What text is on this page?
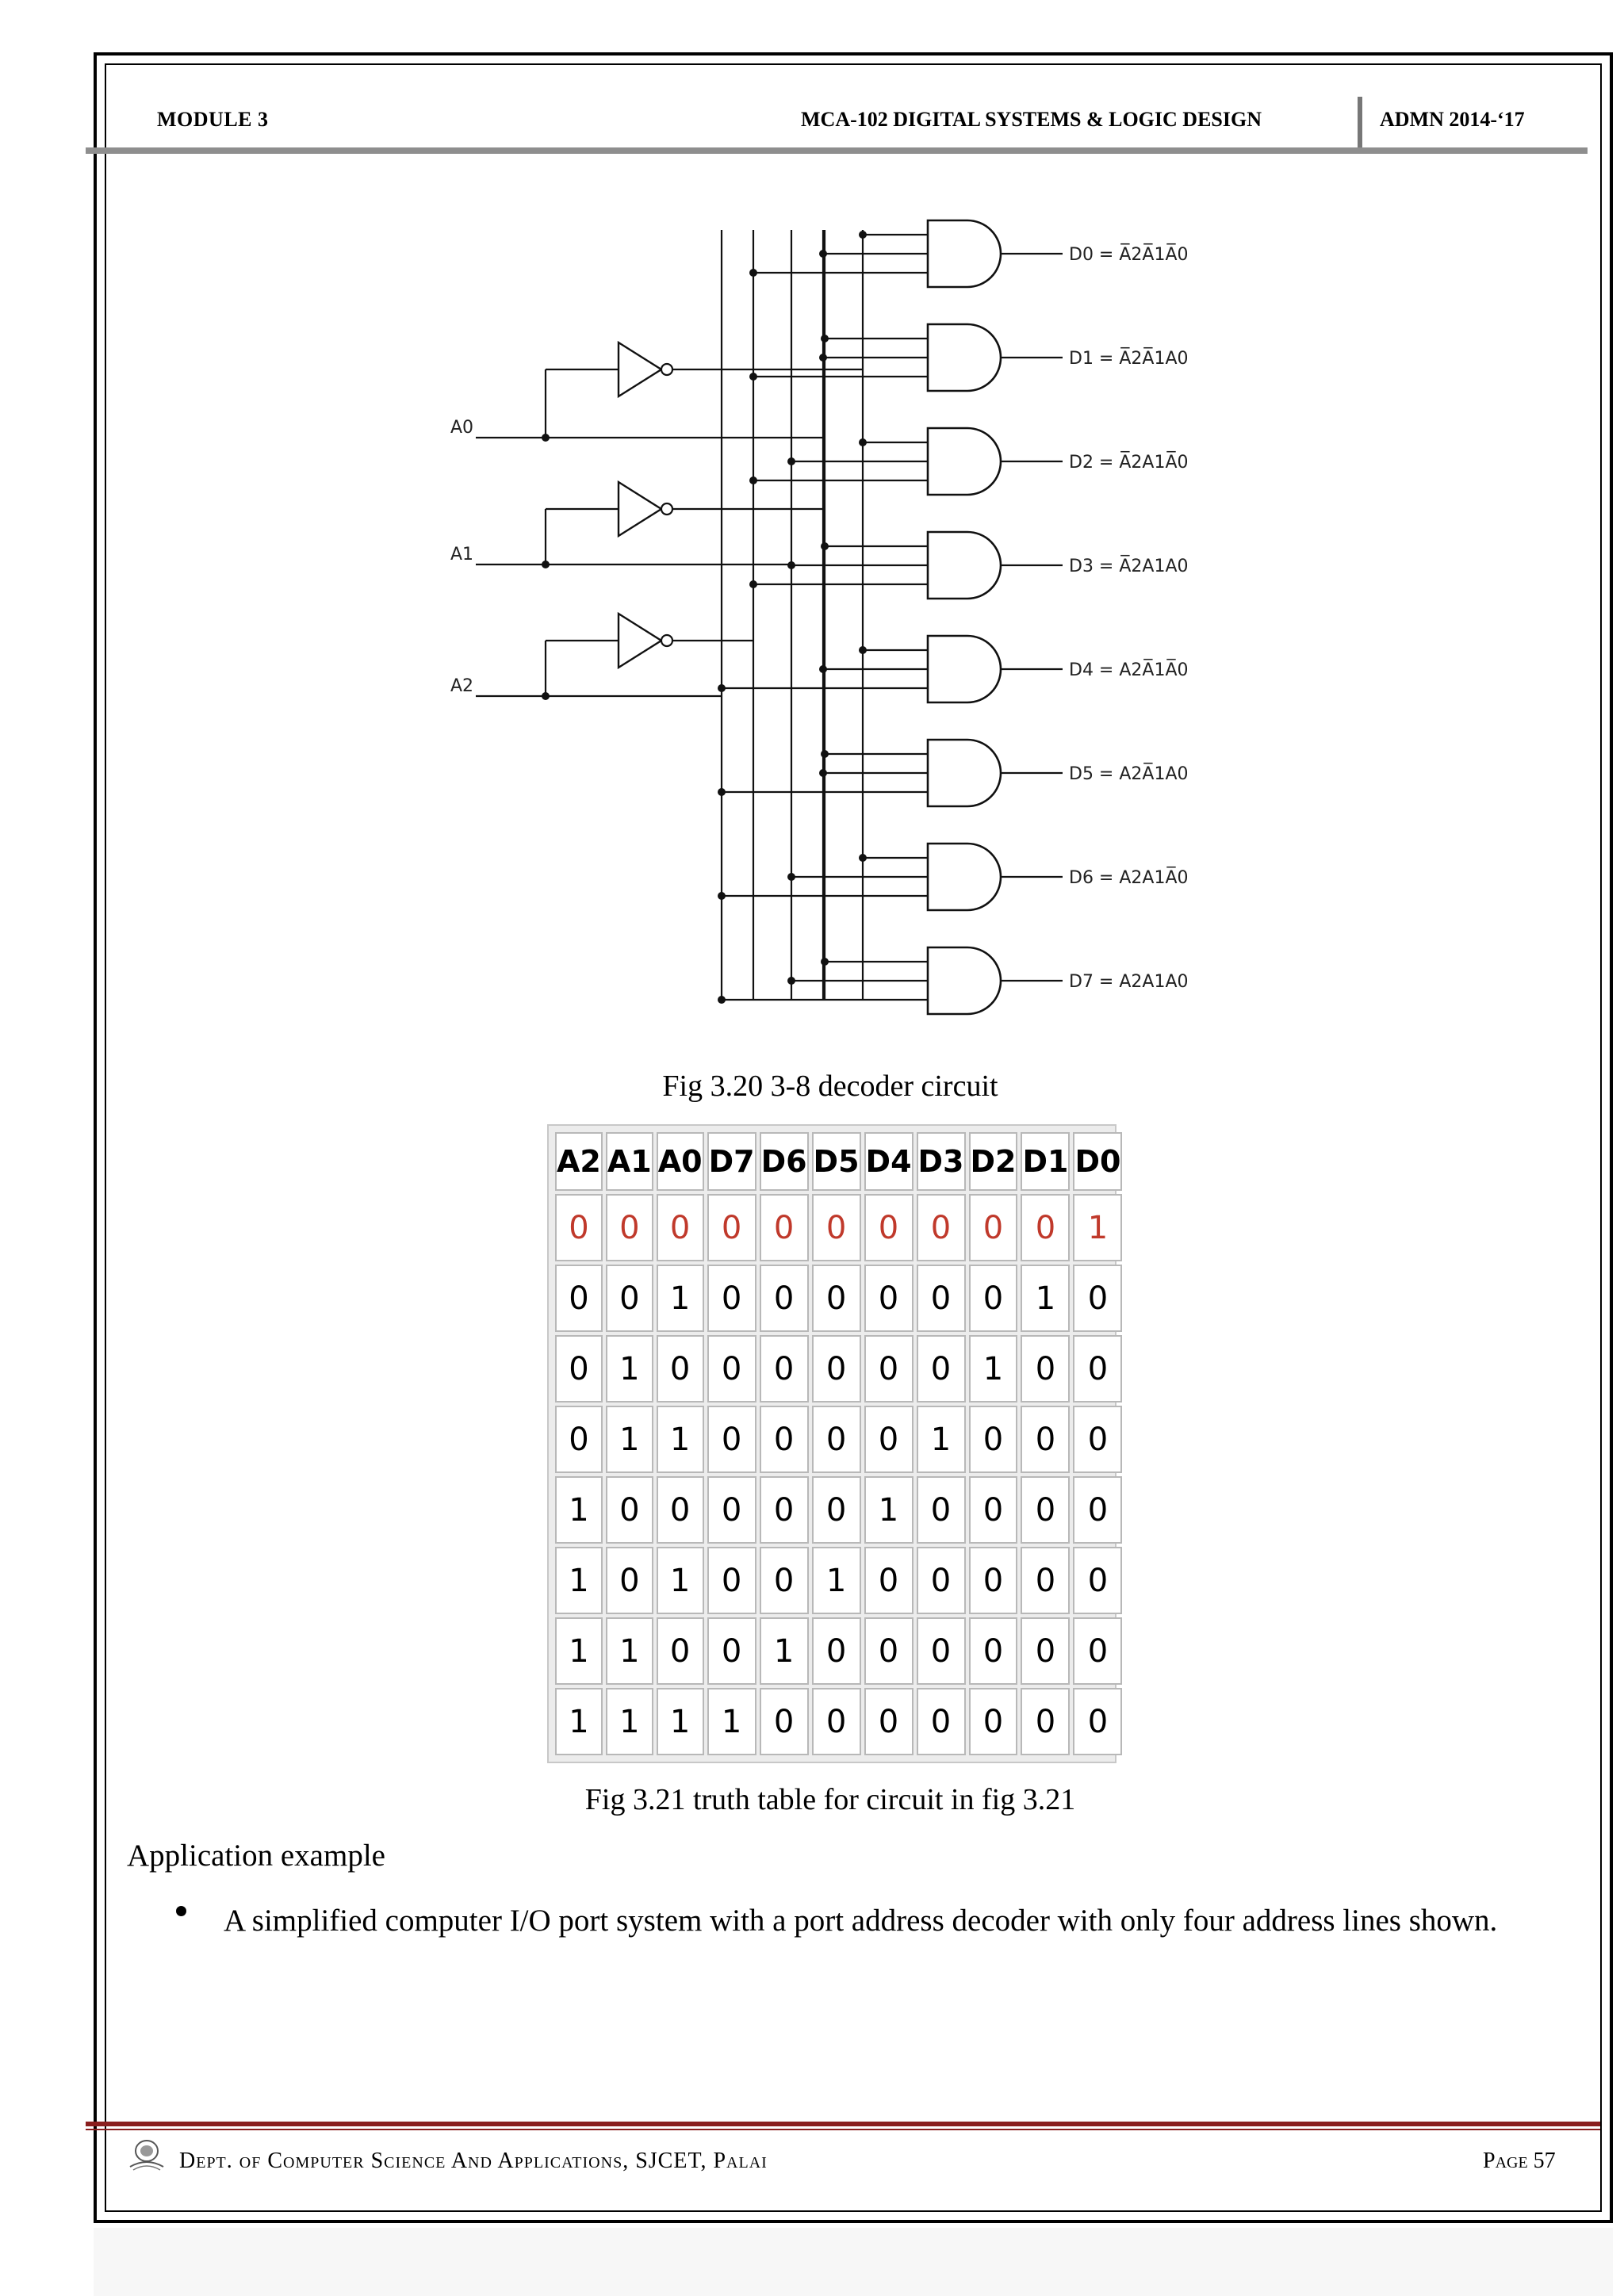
MODULE 3	MCA-102 DIGITAL SYSTEMS & LOGIC DESIGN	ADMN 2014-‘17
A0
A1
A2
D0 = A̅2A̅1A̅0
D1 = A̅2A̅1A0
D2 = A̅2A1A̅0
D3 = A̅2A1A0
D4 = A2A̅1A̅0
D5 = A2A̅1A0
D6 = A2A1A̅0
D7 = A2A1A0
Fig 3.20 3-8 decoder circuit
A2	A1	A0	D7	D6	D5	D4	D3	D2	D1	D0
0	0	0	0	0	0	0	0	0	0	1
0	0	1	0	0	0	0	0	0	1	0
0	1	0	0	0	0	0	0	1	0	0
0	1	1	0	0	0	0	1	0	0	0
1	0	0	0	0	0	1	0	0	0	0
1	0	1	0	0	1	0	0	0	0	0
1	1	0	0	1	0	0	0	0	0	0
1	1	1	1	0	0	0	0	0	0	0
Fig 3.21 truth table for circuit in fig 3.21
Application example
A simplified computer I/O port system with a port address decoder with only four address lines shown.
Dept. of Computer Science And Applications, SJCET, Palai	Page 57
